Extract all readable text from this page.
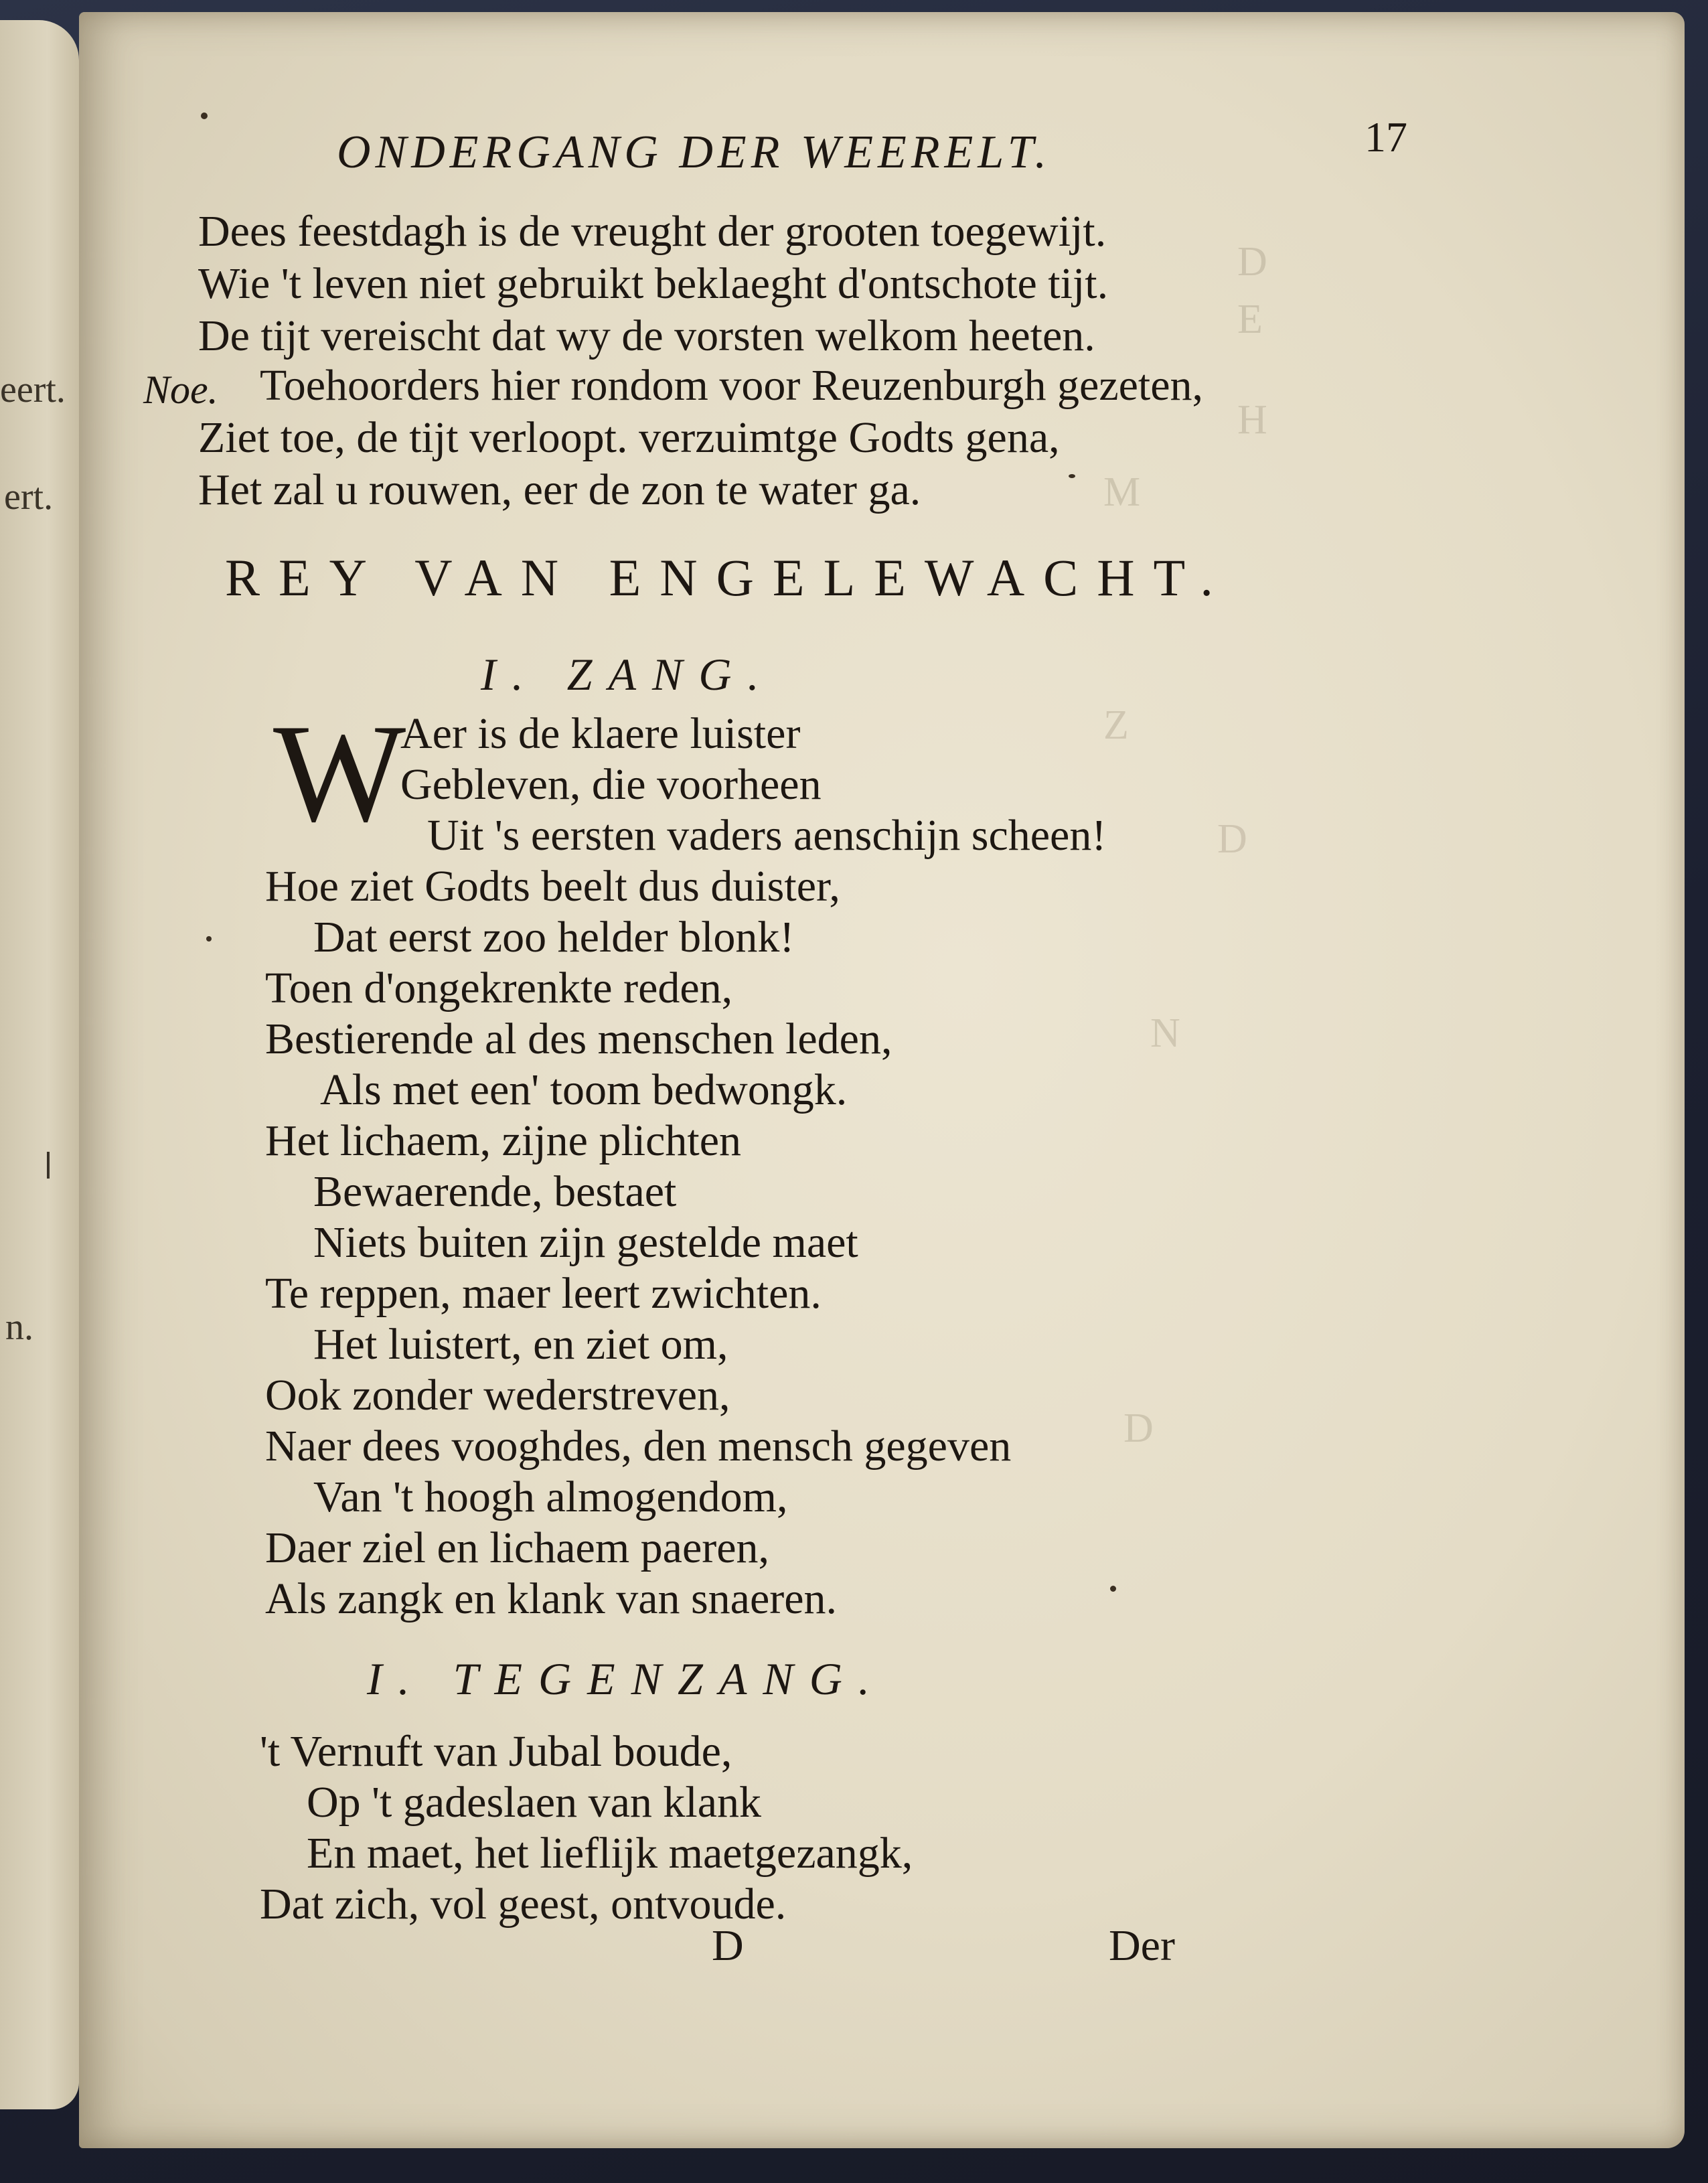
eert.
ert.
n.
D
E
H
M
Z
D
N
D
ONDERGANG DER WEERELT.	17
Dees feestdagh is de vreught der grooten toegewijt.
Wie 't leven niet gebruikt beklaeght d'ontschote tijt.
De tijt vereischt dat wy de vorsten welkom heeten.
Noe. Toehoorders hier rondom voor Reuzenburgh gezeten,
Ziet toe, de tijt verloopt. verzuimtge Godts gena,
Het zal u rouwen, eer de zon te water ga.
REY VAN ENGELEWACHT.
I. ZANG.
W
Aer is de klaere luister
Gebleven, die voorheen
Uit 's eersten vaders aenschijn scheen!
Hoe ziet Godts beelt dus duister,
Dat eerst zoo helder blonk!
Toen d'ongekrenkte reden,
Bestierende al des menschen leden,
Als met een' toom bedwongk.
Het lichaem, zijne plichten
Bewaerende, bestaet
Niets buiten zijn gestelde maet
Te reppen, maer leert zwichten.
Het luistert, en ziet om,
Ook zonder wederstreven,
Naer dees vooghdes, den mensch gegeven
Van 't hoogh almogendom,
Daer ziel en lichaem paeren,
Als zangk en klank van snaeren.
I. TEGENZANG.
't Vernuft van Jubal boude,
Op 't gadeslaen van klank
En maet, het lieflijk maetgezangk,
Dat zich, vol geest, ontvoude.
D	Der
